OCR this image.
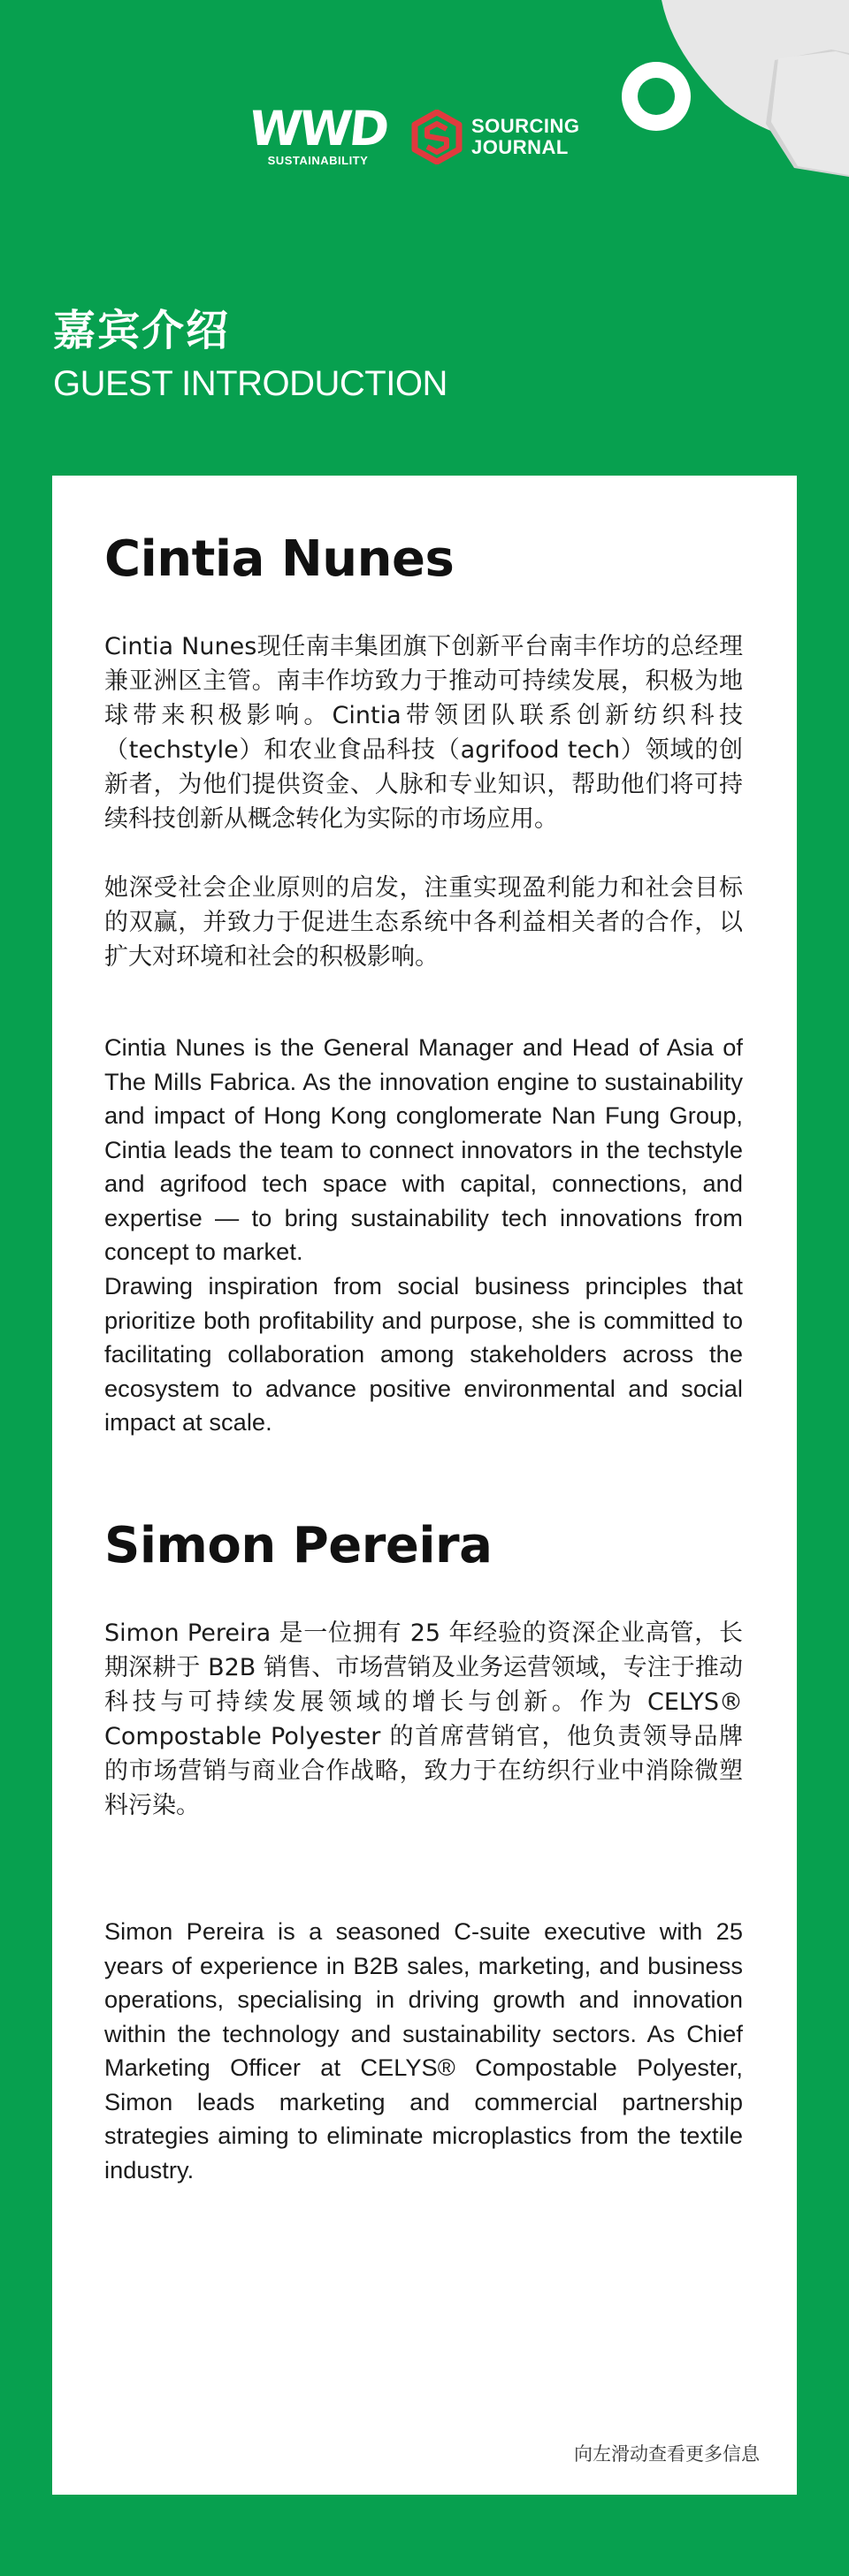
WWD
SUSTAINABILITY
SOURCING
JOURNAL
嘉宾介绍
GUEST INTRODUCTION
Cintia Nunes

Cintia Nunes现任南丰集团旗下创新平台南丰作坊的总经理兼亚洲区主管。南丰作坊致力于推动可持续发展，积极为地球带来积极影响。Cintia带领团队联系创新纺织科技（techstyle）和农业食品科技（agrifood tech）领域的创新者，为他们提供资金、人脉和专业知识，帮助他们将可持续科技创新从概念转化为实际的市场应用。

她深受社会企业原则的启发，注重实现盈利能力和社会目标的双赢，并致力于促进生态系统中各利益相关者的合作，以扩大对环境和社会的积极影响。

Cintia Nunes is the General Manager and Head of Asia of The Mills Fabrica. As the innovation engine to sustainability and impact of Hong Kong conglomerate Nan Fung Group, Cintia leads the team to connect innovators in the techstyle and agrifood tech space with capital, connections, and expertise — to bring sustainability tech innovations from concept to market.

Drawing inspiration from social business principles that prioritize both profitability and purpose, she is committed to facilitating collaboration among stakeholders across the ecosystem to advance positive environmental and social impact at scale.

Simon Pereira

Simon Pereira 是一位拥有 25 年经验的资深企业高管，长期深耕于 B2B 销售、市场营销及业务运营领域，专注于推动科技与可持续发展领域的增长与创新。作为 CELYS® Compostable Polyester 的首席营销官，他负责领导品牌的市场营销与商业合作战略，致力于在纺织行业中消除微塑料污染。

Simon Pereira is a seasoned C-suite executive with 25 years of experience in B2B sales, marketing, and business operations, specialising in driving growth and innovation within the technology and sustainability sectors. As Chief Marketing Officer at CELYS® Compostable Polyester, Simon leads marketing and commercial partnership strategies aiming to eliminate microplastics from the textile industry.

向左滑动查看更多信息
